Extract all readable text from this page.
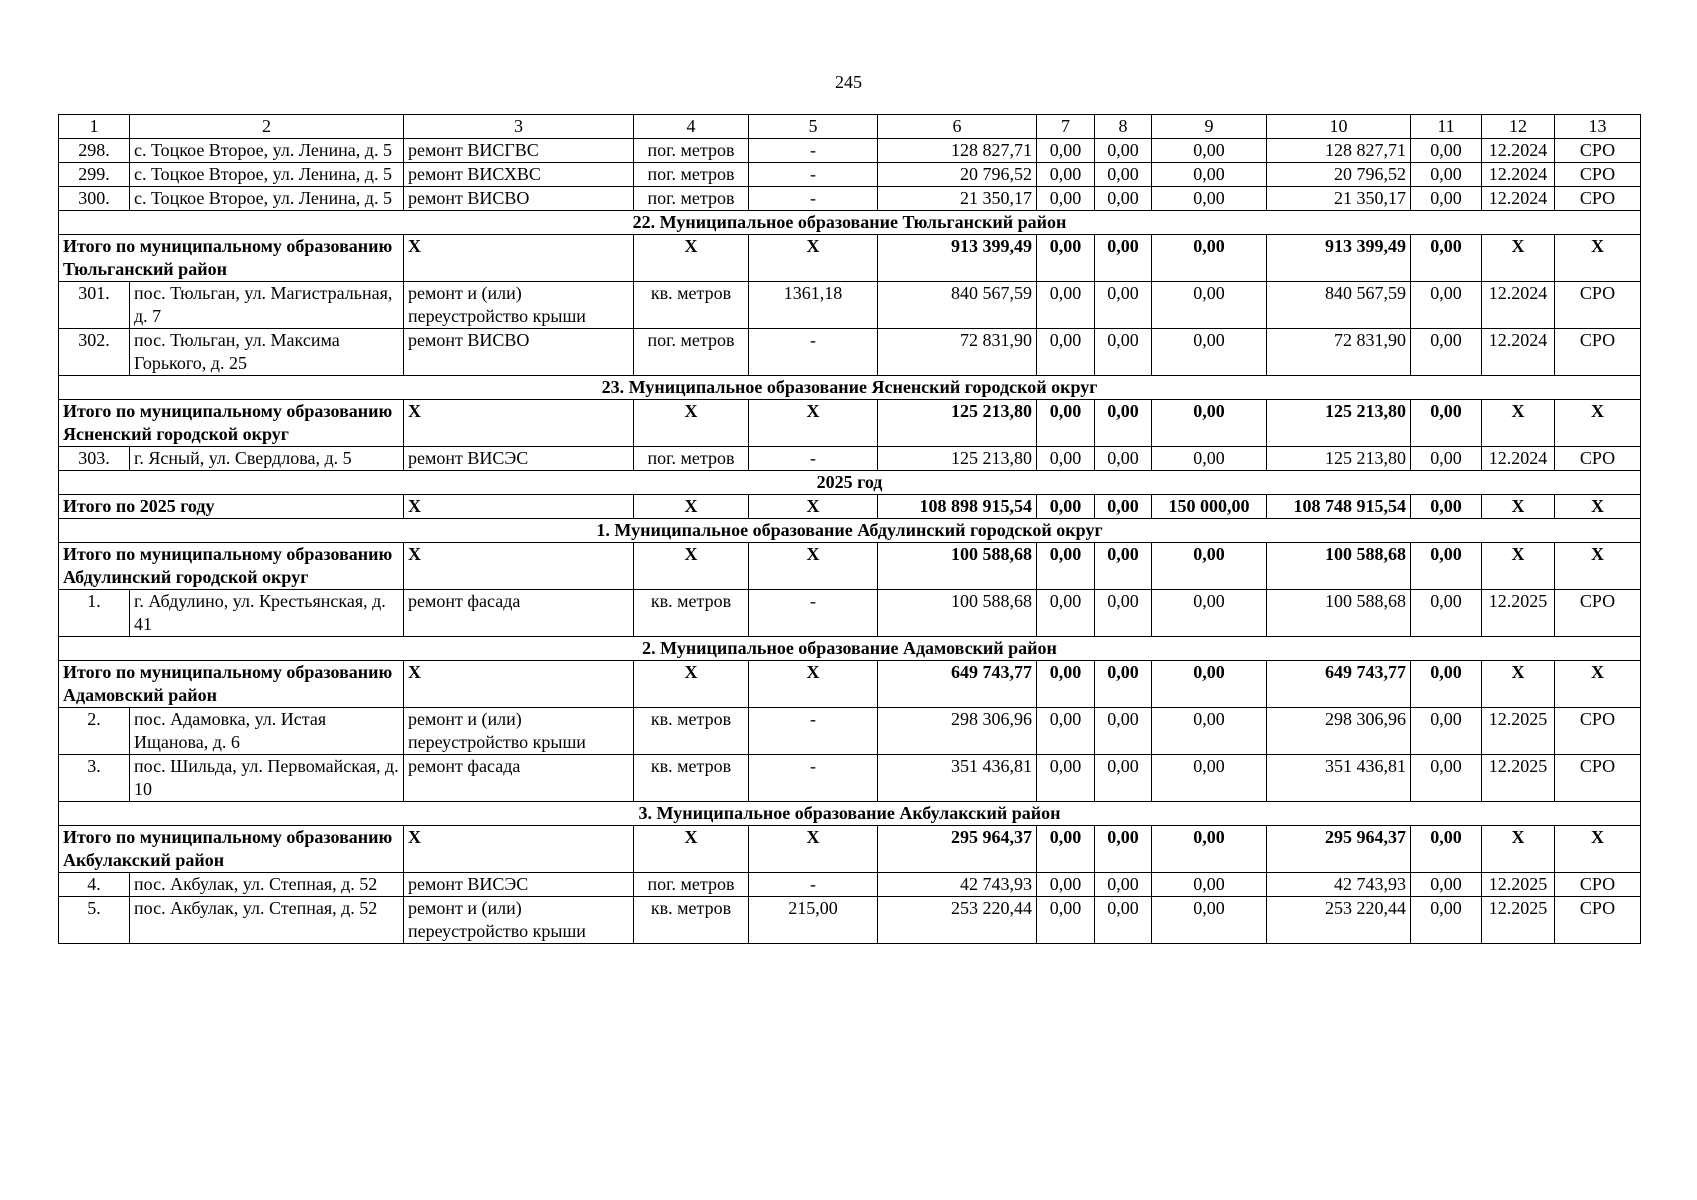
245
1	2	3	4	5	6	7	8	9	10	11	12	13
298.	с. Тоцкое Второе, ул. Ленина, д. 5	ремонт ВИСГВС	пог. метров	-	128 827,71	0,00	0,00	0,00	128 827,71	0,00	12.2024	СРО
299.	с. Тоцкое Второе, ул. Ленина, д. 5	ремонт ВИСХВС	пог. метров	-	20 796,52	0,00	0,00	0,00	20 796,52	0,00	12.2024	СРО
300.	с. Тоцкое Второе, ул. Ленина, д. 5	ремонт ВИСВО	пог. метров	-	21 350,17	0,00	0,00	0,00	21 350,17	0,00	12.2024	СРО
22. Муниципальное образование Тюльганский район												
Итого по муниципальному образованию Тюльганский район		X	X	X	913 399,49	0,00	0,00	0,00	913 399,49	0,00	X	X
301.	пос. Тюльган, ул. Магистральная, д. 7	ремонт и (или) переустройство крыши	кв. метров	1361,18	840 567,59	0,00	0,00	0,00	840 567,59	0,00	12.2024	СРО
302.	пос. Тюльган, ул. Максима Горького, д. 25	ремонт ВИСВО	пог. метров	-	72 831,90	0,00	0,00	0,00	72 831,90	0,00	12.2024	СРО
23. Муниципальное образование Ясненский городской округ												
Итого по муниципальному образованию Ясненский городской округ		X	X	X	125 213,80	0,00	0,00	0,00	125 213,80	0,00	X	X
303.	г. Ясный, ул. Свердлова, д. 5	ремонт ВИСЭС	пог. метров	-	125 213,80	0,00	0,00	0,00	125 213,80	0,00	12.2024	СРО
2025 год												
Итого по 2025 году		X	X	X	108 898 915,54	0,00	0,00	150 000,00	108 748 915,54	0,00	X	X
1. Муниципальное образование Абдулинский городской округ												
Итого по муниципальному образованию Абдулинский городской округ		X	X	X	100 588,68	0,00	0,00	0,00	100 588,68	0,00	X	X
1.	г. Абдулино, ул. Крестьянская, д. 41	ремонт фасада	кв. метров	-	100 588,68	0,00	0,00	0,00	100 588,68	0,00	12.2025	СРО
2. Муниципальное образование Адамовский район												
Итого по муниципальному образованию Адамовский район		X	X	X	649 743,77	0,00	0,00	0,00	649 743,77	0,00	X	X
2.	пос. Адамовка, ул. Истая Ищанова, д. 6	ремонт и (или) переустройство крыши	кв. метров	-	298 306,96	0,00	0,00	0,00	298 306,96	0,00	12.2025	СРО
3.	пос. Шильда, ул. Первомайская, д. 10	ремонт фасада	кв. метров	-	351 436,81	0,00	0,00	0,00	351 436,81	0,00	12.2025	СРО
3. Муниципальное образование Акбулакский район												
Итого по муниципальному образованию Акбулакский район		X	X	X	295 964,37	0,00	0,00	0,00	295 964,37	0,00	X	X
4.	пос. Акбулак, ул. Степная, д. 52	ремонт ВИСЭС	пог. метров	-	42 743,93	0,00	0,00	0,00	42 743,93	0,00	12.2025	СРО
5.	пос. Акбулак, ул. Степная, д. 52	ремонт и (или) переустройство крыши	кв. метров	215,00	253 220,44	0,00	0,00	0,00	253 220,44	0,00	12.2025	СРО
